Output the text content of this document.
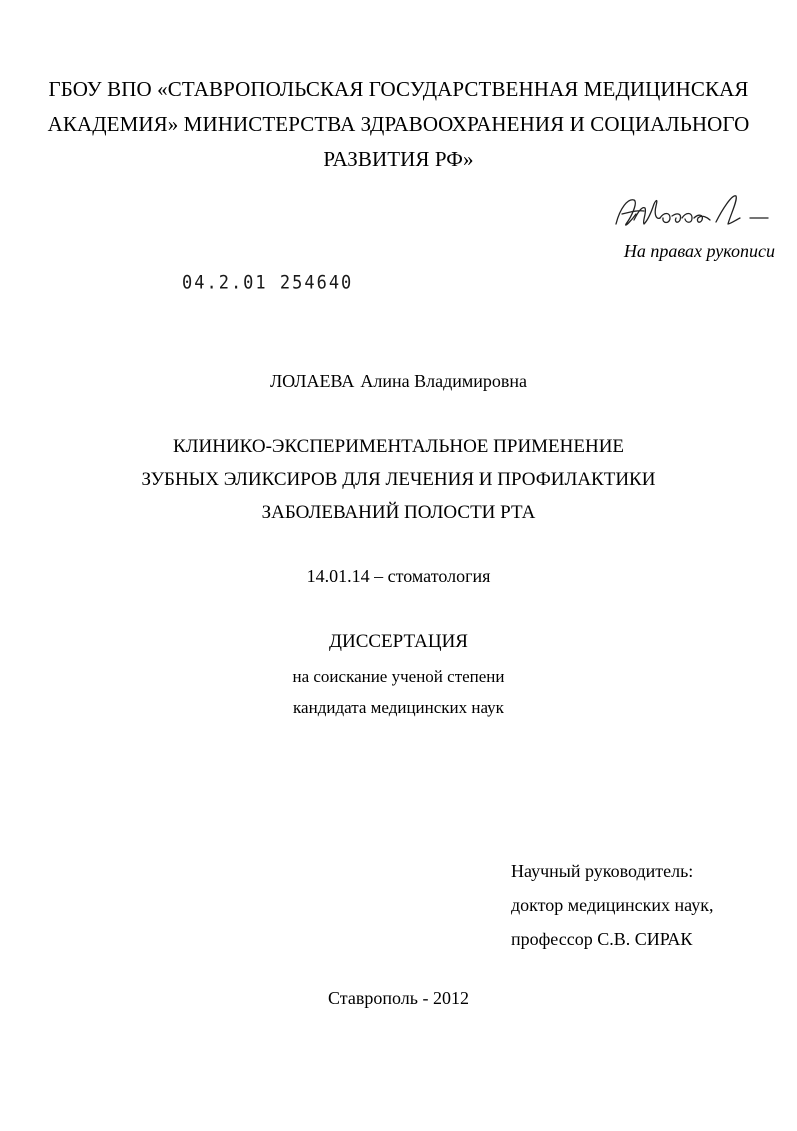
ГБОУ ВПО «СТАВРОПОЛЬСКАЯ ГОСУДАРСТВЕННАЯ МЕДИЦИНСКАЯ
АКАДЕМИЯ» МИНИСТЕРСТВА ЗДРАВООХРАНЕНИЯ И СОЦИАЛЬНОГО
РАЗВИТИЯ РФ»
На правах рукописи
04.2.01 254640
ЛОЛАЕВА Алина Владимировна
КЛИНИКО-ЭКСПЕРИМЕНТАЛЬНОЕ ПРИМЕНЕНИЕ
ЗУБНЫХ ЭЛИКСИРОВ ДЛЯ ЛЕЧЕНИЯ И ПРОФИЛАКТИКИ
ЗАБОЛЕВАНИЙ ПОЛОСТИ РТА
14.01.14 – стоматология
ДИССЕРТАЦИЯ
на соискание ученой степени
кандидата медицинских наук
Научный руководитель:
доктор медицинских наук,
профессор С.В. СИРАК
Ставрополь - 2012
